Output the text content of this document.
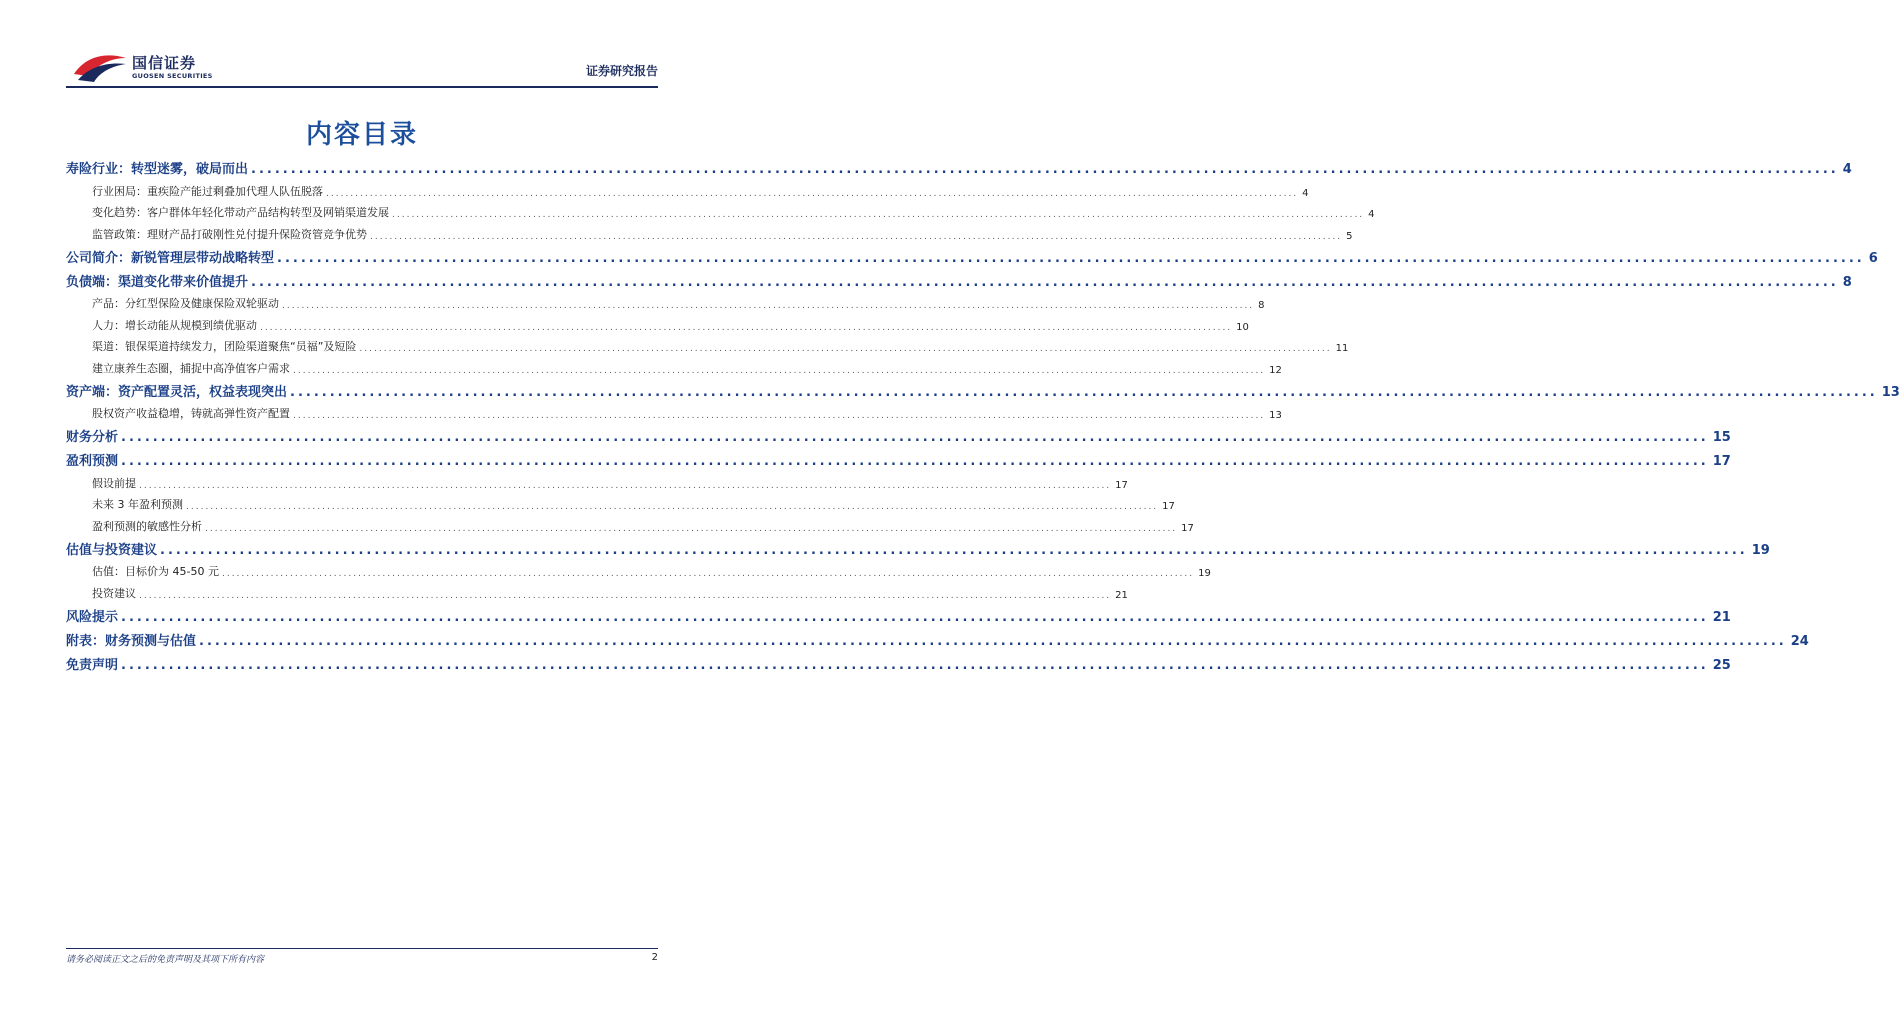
国信证券
GUOSEN SECURITIES	证券研究报告
内容目录
寿险行业：转型迷雾，破局而出 ........................................................................................................................................................................................................ 4
行业困局：重疾险产能过剩叠加代理人队伍脱落 ........................................................................................................................................................................................................ 4
变化趋势：客户群体年轻化带动产品结构转型及网销渠道发展 ........................................................................................................................................................................................................ 4
监管政策：理财产品打破刚性兑付提升保险资管竞争优势 ........................................................................................................................................................................................................ 5
公司简介：新锐管理层带动战略转型 ........................................................................................................................................................................................................ 6
负债端：渠道变化带来价值提升 ........................................................................................................................................................................................................ 8
产品：分红型保险及健康保险双轮驱动 ........................................................................................................................................................................................................ 8
人力：增长动能从规模到绩优驱动 ........................................................................................................................................................................................................ 10
渠道：银保渠道持续发力，团险渠道聚焦“员福”及短险 ........................................................................................................................................................................................................ 11
建立康养生态圈，捕捉中高净值客户需求 ........................................................................................................................................................................................................ 12
资产端：资产配置灵活，权益表现突出 ........................................................................................................................................................................................................ 13
股权资产收益稳增，铸就高弹性资产配置 ........................................................................................................................................................................................................ 13
财务分析 ........................................................................................................................................................................................................ 15
盈利预测 ........................................................................................................................................................................................................ 17
假设前提 ........................................................................................................................................................................................................ 17
未来 3 年盈利预测 ........................................................................................................................................................................................................ 17
盈利预测的敏感性分析 ........................................................................................................................................................................................................ 17
估值与投资建议 ........................................................................................................................................................................................................ 19
估值：目标价为 45-50 元 ........................................................................................................................................................................................................ 19
投资建议 ........................................................................................................................................................................................................ 21
风险提示 ........................................................................................................................................................................................................ 21
附表：财务预测与估值 ........................................................................................................................................................................................................ 24
免责声明 ........................................................................................................................................................................................................ 25
请务必阅读正文之后的免责声明及其项下所有内容	2
